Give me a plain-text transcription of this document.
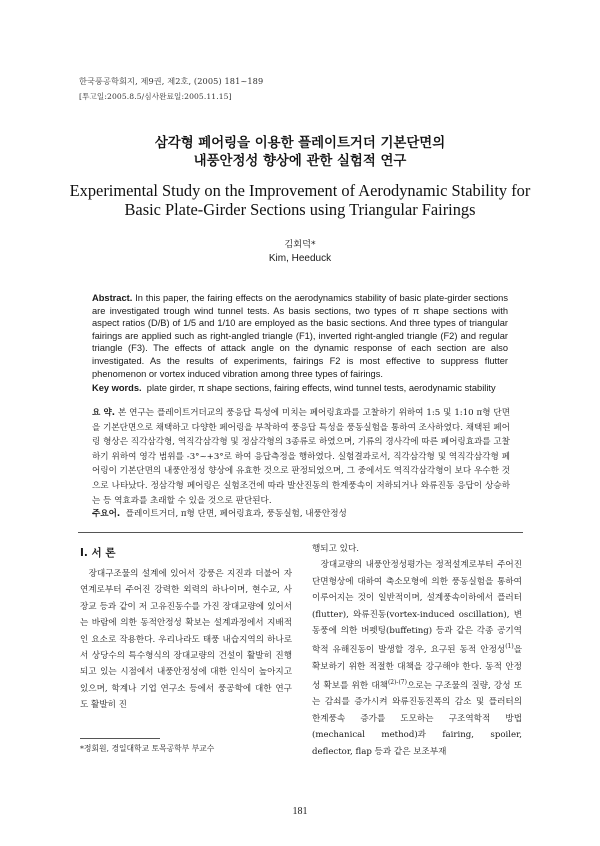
한국풍공학회지, 제9권, 제2호, (2005) 181~189
[투고일:2005.8.5/심사완료일:2005.11.15]
삼각형 페어링을 이용한 플레이트거더 기본단면의
내풍안정성 향상에 관한 실험적 연구
Experimental Study on the Improvement of Aerodynamic Stability for
Basic Plate-Girder Sections using Triangular Fairings
김회덕*
Kim, Heeduck
Abstract. In this paper, the fairing effects on the aerodynamics stability of basic plate-girder sections are investigated trough wind tunnel tests. As basis sections, two types of π shape sections with aspect ratios (D/B) of 1/5 and 1/10 are employed as the basic sections. And three types of triangular fairings are applied such as right-angled triangle (F1), inverted right-angled triangle (F2) and regular triangle (F3). The effects of attack angle on the dynamic response of each section are also investigated. As the results of experiments, fairings F2 is most effective to suppress flutter phenomenon or vortex induced vibration among three types of fairings.
Key words. plate girder, π shape sections, fairing effects, wind tunnel tests, aerodynamic stability
요 약. 본 연구는 플레이트거더교의 풍응답 특성에 미치는 페어링효과를 고찰하기 위하여 1:5 및 1:10 π형 단면을 기본단면으로 채택하고 다양한 페어링을 부착하여 풍응답 특성을 풍동실험을 통하여 조사하였다. 채택된 페어링 형상은 직각삼각형, 역직각삼각형 및 정삼각형의 3종류로 하였으며, 기류의 경사각에 따른 페어링효과를 고찰하기 위하여 영각 범위를 -3°~+3°로 하여 응답측정을 행하였다. 실험결과로서, 직각삼각형 및 역직각삼각형 페어링이 기본단면의 내풍안정성 향상에 유효한 것으로 판정되었으며, 그 중에서도 역직각삼각형이 보다 우수한 것으로 나타났다. 정삼각형 페어링은 실험조건에 따라 발산진동의 한계풍속이 저하되거나 와류진동 응답이 상승하는 등 역효과를 초래할 수 있을 것으로 판단된다.
주요어. 플레이트거더, π형 단면, 페어링효과, 풍동실험, 내풍안정성
I. 서 론
장대구조물의 설계에 있어서 강풍은 지진과 더불어 자연계로부터 주어진 강력한 외력의 하나이며, 현수교, 사장교 등과 같이 저 고유진동수를 가진 장대교량에 있어서는 바람에 의한 동적안정성 확보는 설계과정에서 지배적인 요소로 작용한다. 우리나라도 태풍 내습지역의 하나로서 상당수의 특수형식의 장대교량의 건설이 활발히 진행되고 있는 시점에서 내풍안정성에 대한 인식이 높아지고 있으며, 학계나 기업 연구소 등에서 풍공학에 대한 연구도 활발히 진
행되고 있다.
장대교량의 내풍안정성평가는 정적설계로부터 주어진 단면형상에 대하여 축소모형에 의한 풍동실험을 통하여 이루어지는 것이 일반적이며, 설계풍속이하에서 플러터(flutter), 와류진동(vortex-induced oscillation), 변동풍에 의한 버펫팅(buffeting) 등과 같은 각종 공기역학적 유해진동이 발생할 경우, 요구된 동적 안정성$^{(1)}$을 확보하기 위한 적절한 대책을 강구해야 한다. 동적 안정성 확보를 위한 대책$^{(2)-(7)}$으로는 구조물의 질량, 강성 또는 감쇠를 증가시켜 와류진동진폭의 감소 및 플러터의 한계풍속 증가를 도모하는 구조역학적 방법(mechanical method)과 fairing, spoiler, deflector, flap 등과 같은 보조부재
*정회원, 경일대학교 토목공학부 부교수
181
